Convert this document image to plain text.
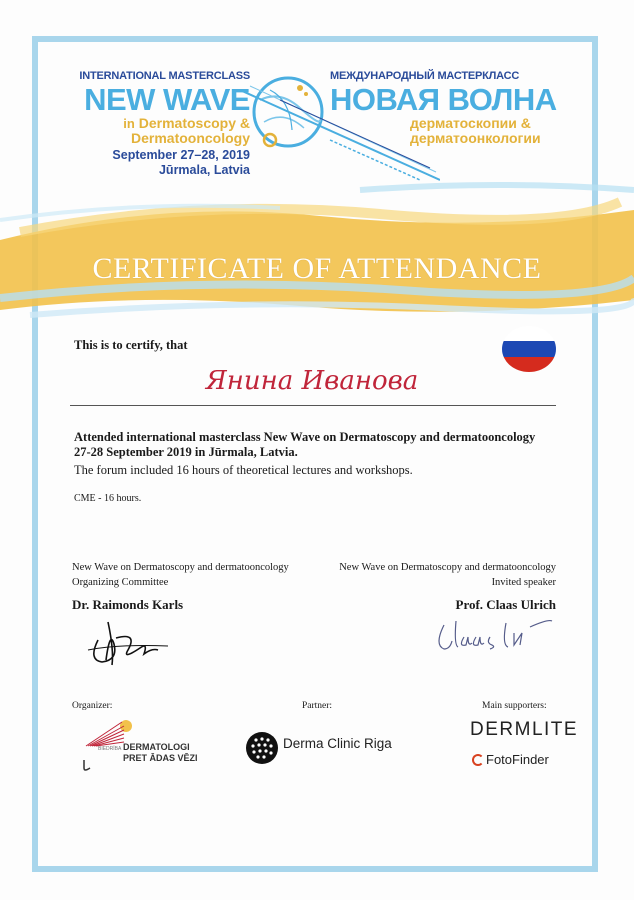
INTERNATIONAL MASTERCLASS
NEW WAVE
in Dermatoscopy &
Dermatooncology
September 27–28, 2019
Jūrmala, Latvia
МЕЖДУНАРОДНЫЙ МАСТЕРКЛАСС
НОВАЯ ВОЛНА
дерматоскопии &
дерматоонкологии
CERTIFICATE OF ATTENDANCE
This is to certify, that
Янина Иванова
Attended international masterclass New Wave on Dermatoscopy and dermatooncology 27-28 September 2019 in Jūrmala, Latvia.
The forum included 16 hours of theoretical lectures and workshops.
CME - 16 hours.
New Wave on Dermatoscopy and dermatooncology
Organizing Committee
Dr. Raimonds Karls
New Wave on Dermatoscopy and dermatooncology
Invited speaker
Prof. Claas Ulrich
Organizer:	Partner:	Main supporters:
BIEDRĪBA DERMATOLOGI
PRET ĀDAS VĒZI
Derma Clinic Riga
DERMLITE
FotoFinder
